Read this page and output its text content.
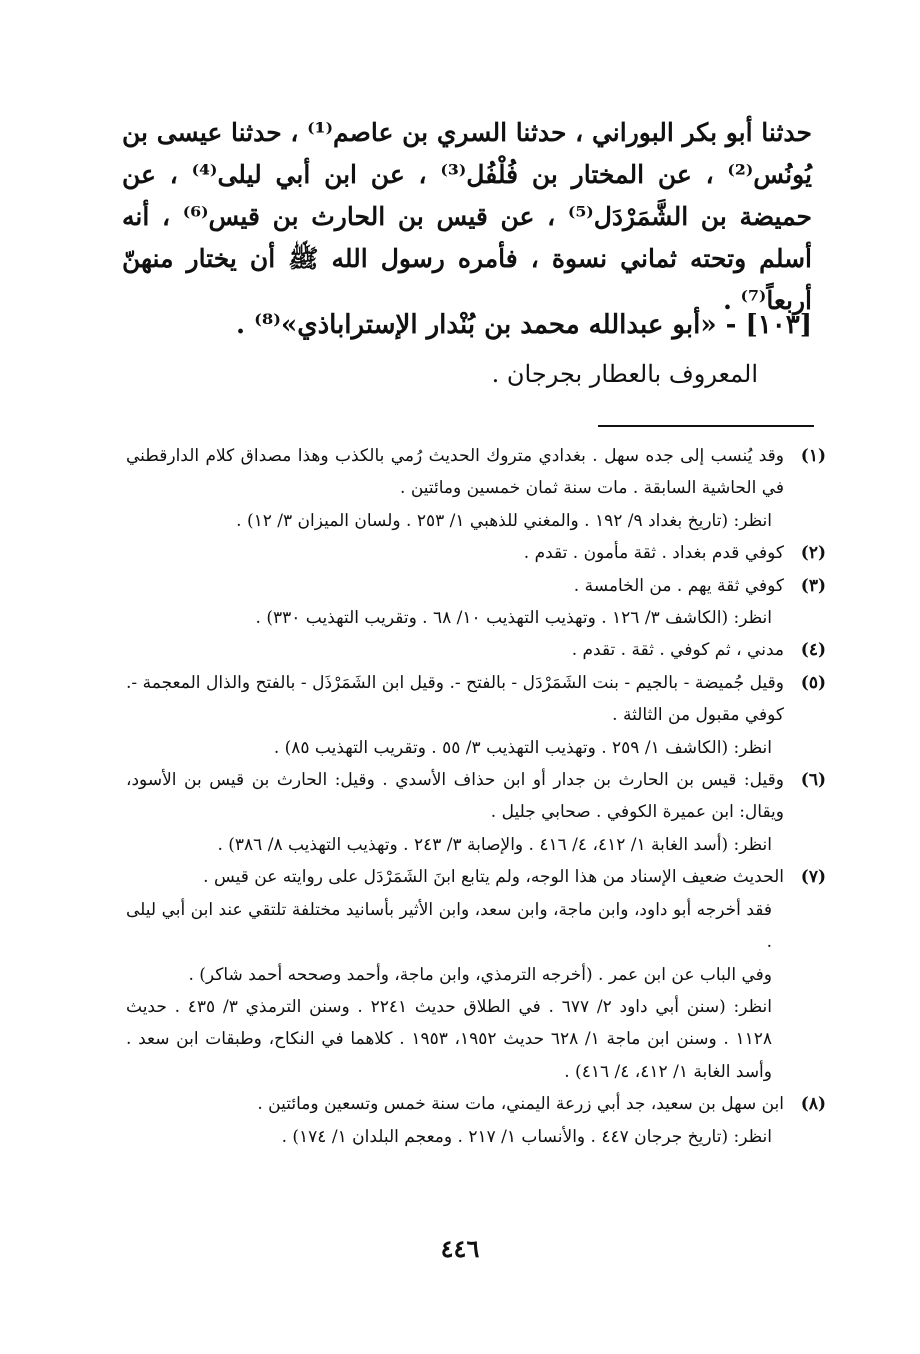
حدثنا أبو بكر البوراني ، حدثنا السري بن عاصم⁽¹⁾ ، حدثنا عيسى بن يُونُس⁽²⁾ ، عن المختار بن فُلْفُل⁽³⁾ ، عن ابن أبي ليلى⁽⁴⁾ ، عن حميضة بن الشَّمَرْدَل⁽⁵⁾ ، عن قيس بن الحارث بن قيس⁽⁶⁾ ، أنه أسلم وتحته ثماني نسوة ، فأمره رسول الله ﷺ أن يختار منهنّ أربعاً⁽⁷⁾ .

[١٠٣] - «أبو عبدالله محمد بن بُنْدار الإستراباذي»⁽⁸⁾ .
المعروف بالعطار بجرجان .
(١)
وقد يُنسب إلى جده سهل . بغدادي متروك الحديث رُمي بالكذب وهذا مصداق كلام الدارقطني في الحاشية السابقة . مات سنة ثمان خمسين ومائتين .
انظر: (تاريخ بغداد ٩/ ١٩٢ . والمغني للذهبي ١/ ٢٥٣ . ولسان الميزان ٣/ ١٢) .
(٢)
كوفي قدم بغداد . ثقة مأمون . تقدم .
(٣)
كوفي ثقة يهم . من الخامسة .
انظر: (الكاشف ٣/ ١٢٦ . وتهذيب التهذيب ١٠/ ٦٨ . وتقريب التهذيب ٣٣٠) .
(٤)
مدني ، ثم كوفي . ثقة . تقدم .
(٥)
وقيل جُميضة - بالجيم - بنت الشَمَرْدَل - بالفتح -. وقيل ابن الشَمَرْذَل - بالفتح والذال المعجمة -. كوفي مقبول من الثالثة .
انظر: (الكاشف ١/ ٢٥٩ . وتهذيب التهذيب ٣/ ٥٥ . وتقريب التهذيب ٨٥) .
(٦)
وقيل: قيس بن الحارث بن جدار أو ابن حذاف الأسدي . وقيل: الحارث بن قيس بن الأسود، ويقال: ابن عميرة الكوفي . صحابي جليل .
انظر: (أسد الغابة ١/ ٤١٢، ٤/ ٤١٦ . والإصابة ٣/ ٢٤٣ . وتهذيب التهذيب ٨/ ٣٨٦) .
(٧)
الحديث ضعيف الإسناد من هذا الوجه، ولم يتابع ابنَ الشَمَرْدَل على روايته عن قيس .
فقد أخرجه أبو داود، وابن ماجة، وابن سعد، وابن الأثير بأسانيد مختلفة تلتقي عند ابن أبي ليلى .
وفي الباب عن ابن عمر . (أخرجه الترمذي، وابن ماجة، وأحمد وصححه أحمد شاكر) .
انظر: (سنن أبي داود ٢/ ٦٧٧ . في الطلاق حديث ٢٢٤١ . وسنن الترمذي ٣/ ٤٣٥ . حديث ١١٢٨ . وسنن ابن ماجة ١/ ٦٢٨ حديث ١٩٥٢، ١٩٥٣ . كلاهما في النكاح، وطبقات ابن سعد . وأسد الغابة ١/ ٤١٢، ٤/ ٤١٦) .
(٨)
ابن سهل بن سعيد، جد أبي زرعة اليمني، مات سنة خمس وتسعين ومائتين .
انظر: (تاريخ جرجان ٤٤٧ . والأنساب ١/ ٢١٧ . ومعجم البلدان ١/ ١٧٤) .
٤٤٦
